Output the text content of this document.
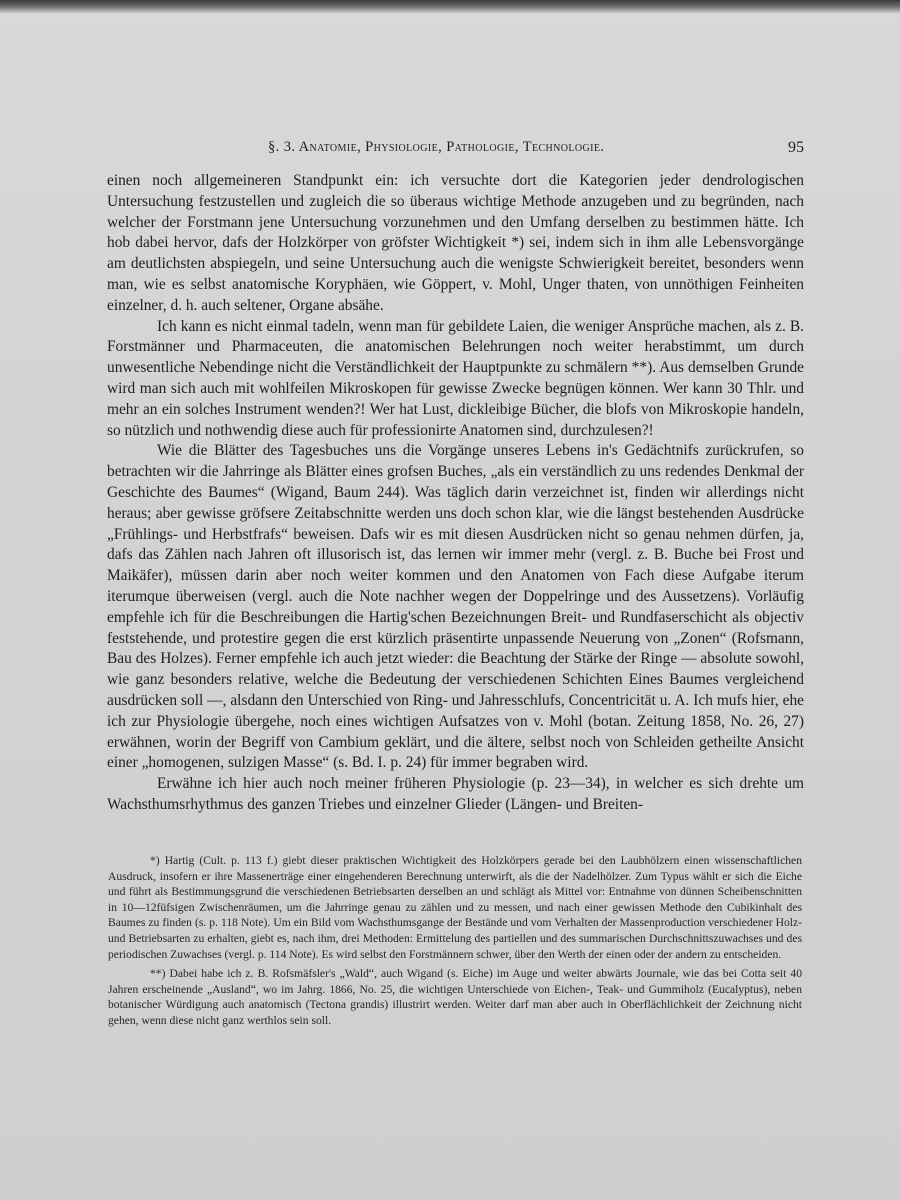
§. 3. Anatomie, Physiologie, Pathologie, Technologie.	95

einen noch allgemeineren Standpunkt ein: ich versuchte dort die Kategorien jeder dendrologischen Untersuchung festzustellen und zugleich die so überaus wichtige Methode anzugeben und zu begründen, nach welcher der Forstmann jene Untersuchung vorzunehmen und den Umfang derselben zu bestimmen hätte. Ich hob dabei hervor, dafs der Holzkörper von gröfster Wichtigkeit *) sei, indem sich in ihm alle Lebensvorgänge am deutlichsten abspiegeln, und seine Untersuchung auch die wenigste Schwierigkeit bereitet, besonders wenn man, wie es selbst anatomische Koryphäen, wie Göppert, v. Mohl, Unger thaten, von unnöthigen Feinheiten einzelner, d. h. auch seltener, Organe absähe.

Ich kann es nicht einmal tadeln, wenn man für gebildete Laien, die weniger Ansprüche machen, als z. B. Forstmänner und Pharmaceuten, die anatomischen Belehrungen noch weiter herabstimmt, um durch unwesentliche Nebendinge nicht die Verständlichkeit der Hauptpunkte zu schmälern **). Aus demselben Grunde wird man sich auch mit wohlfeilen Mikroskopen für gewisse Zwecke begnügen können. Wer kann 30 Thlr. und mehr an ein solches Instrument wenden?! Wer hat Lust, dickleibige Bücher, die blofs von Mikroskopie handeln, so nützlich und nothwendig diese auch für professionirte Anatomen sind, durchzulesen?!

Wie die Blätter des Tagesbuches uns die Vorgänge unseres Lebens in's Gedächtnifs zurückrufen, so betrachten wir die Jahrringe als Blätter eines grofsen Buches, „als ein verständlich zu uns redendes Denkmal der Geschichte des Baumes“ (Wigand, Baum 244). Was täglich darin verzeichnet ist, finden wir allerdings nicht heraus; aber gewisse gröfsere Zeitabschnitte werden uns doch schon klar, wie die längst bestehenden Ausdrücke „Frühlings- und Herbstfrafs“ beweisen. Dafs wir es mit diesen Ausdrücken nicht so genau nehmen dürfen, ja, dafs das Zählen nach Jahren oft illusorisch ist, das lernen wir immer mehr (vergl. z. B. Buche bei Frost und Maikäfer), müssen darin aber noch weiter kommen und den Anatomen von Fach diese Aufgabe iterum iterumque überweisen (vergl. auch die Note nachher wegen der Doppelringe und des Aussetzens). Vorläufig empfehle ich für die Beschreibungen die Hartig'schen Bezeichnungen Breit- und Rundfaserschicht als objectiv feststehende, und protestire gegen die erst kürzlich präsentirte unpassende Neuerung von „Zonen“ (Rofsmann, Bau des Holzes). Ferner empfehle ich auch jetzt wieder: die Beachtung der Stärke der Ringe — absolute sowohl, wie ganz besonders relative, welche die Bedeutung der verschiedenen Schichten Eines Baumes vergleichend ausdrücken soll —, alsdann den Unterschied von Ring- und Jahresschlufs, Concentricität u. A. Ich mufs hier, ehe ich zur Physiologie übergehe, noch eines wichtigen Aufsatzes von v. Mohl (botan. Zeitung 1858, No. 26, 27) erwähnen, worin der Begriff von Cambium geklärt, und die ältere, selbst noch von Schleiden getheilte Ansicht einer „homogenen, sulzigen Masse“ (s. Bd. I. p. 24) für immer begraben wird.

Erwähne ich hier auch noch meiner früheren Physiologie (p. 23—34), in welcher es sich drehte um Wachsthumsrhythmus des ganzen Triebes und einzelner Glieder (Längen- und Breiten-

*) Hartig (Cult. p. 113 f.) giebt dieser praktischen Wichtigkeit des Holzkörpers gerade bei den Laubhölzern einen wissenschaftlichen Ausdruck, insofern er ihre Massenerträge einer eingehenderen Berechnung unterwirft, als die der Nadelhölzer. Zum Typus wählt er sich die Eiche und führt als Bestimmungsgrund die verschiedenen Betriebsarten derselben an und schlägt als Mittel vor: Entnahme von dünnen Scheibenschnitten in 10—12füfsigen Zwischenräumen, um die Jahrringe genau zu zählen und zu messen, und nach einer gewissen Methode den Cubikinhalt des Baumes zu finden (s. p. 118 Note). Um ein Bild vom Wachsthumsgange der Bestände und vom Verhalten der Massenproduction verschiedener Holz- und Betriebsarten zu erhalten, giebt es, nach ihm, drei Methoden: Ermittelung des partiellen und des summarischen Durchschnittszuwachses und des periodischen Zuwachses (vergl. p. 114 Note). Es wird selbst den Forstmännern schwer, über den Werth der einen oder der andern zu entscheiden.

**) Dabei habe ich z. B. Rofsmäfsler's „Wald“, auch Wigand (s. Eiche) im Auge und weiter abwärts Journale, wie das bei Cotta seit 40 Jahren erscheinende „Ausland“, wo im Jahrg. 1866, No. 25, die wichtigen Unterschiede von Eichen-, Teak- und Gummiholz (Eucalyptus), neben botanischer Würdigung auch anatomisch (Tectona grandis) illustrirt werden. Weiter darf man aber auch in Oberflächlichkeit der Zeichnung nicht gehen, wenn diese nicht ganz werthlos sein soll.
